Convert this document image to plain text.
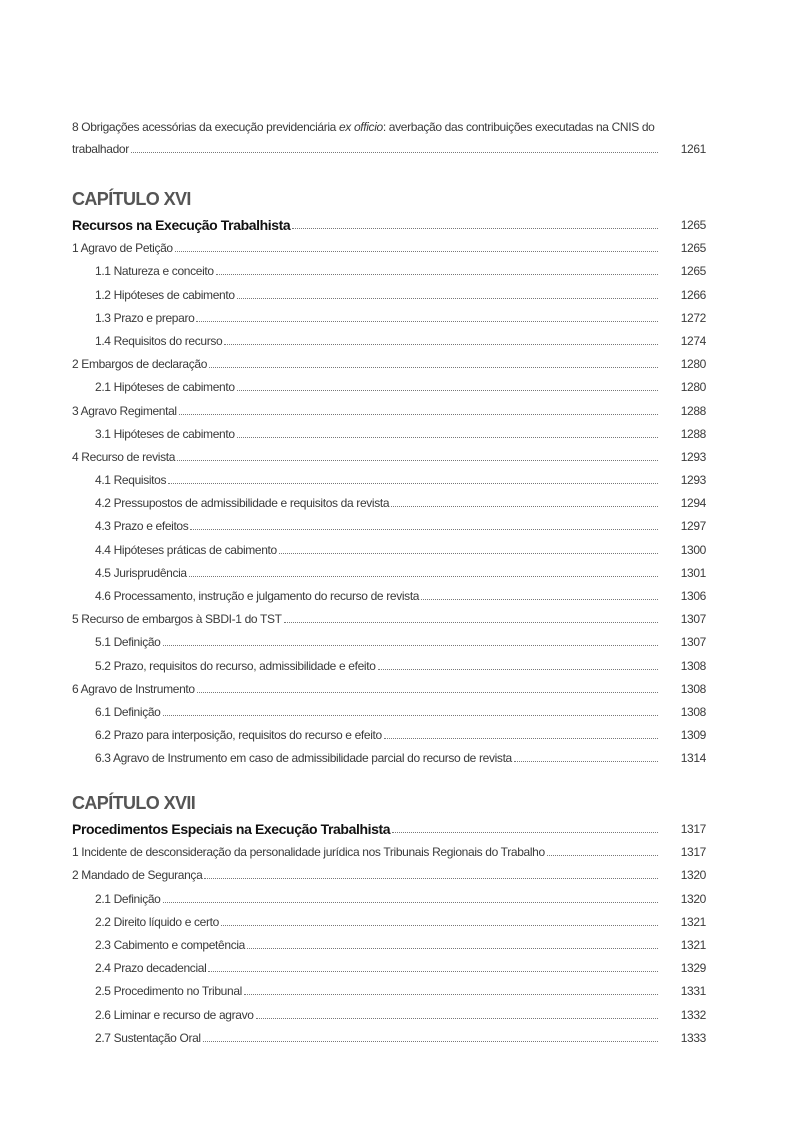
8 Obrigações acessórias da execução previdenciária ex officio: averbação das contribuições executadas na CNIS do
trabalhador	1261
CAPÍTULO XVI
Recursos na Execução Trabalhista	1265
1 Agravo de Petição	1265
1.1 Natureza e conceito	1265
1.2 Hipóteses de cabimento	1266
1.3 Prazo e preparo	1272
1.4 Requisitos do recurso	1274
2 Embargos de declaração	1280
2.1 Hipóteses de cabimento	1280
3 Agravo Regimental	1288
3.1 Hipóteses de cabimento	1288
4 Recurso de revista	1293
4.1 Requisitos	1293
4.2 Pressupostos de admissibilidade e requisitos da revista	1294
4.3 Prazo e efeitos	1297
4.4 Hipóteses práticas de cabimento	1300
4.5 Jurisprudência	1301
4.6 Processamento, instrução e julgamento do recurso de revista	1306
5 Recurso de embargos à SBDI-1 do TST	1307
5.1 Definição	1307
5.2 Prazo, requisitos do recurso, admissibilidade e efeito	1308
6 Agravo de Instrumento	1308
6.1 Definição	1308
6.2 Prazo para interposição, requisitos do recurso e efeito	1309
6.3 Agravo de Instrumento em caso de admissibilidade parcial do recurso de revista	1314
CAPÍTULO XVII
Procedimentos Especiais na Execução Trabalhista	1317
1 Incidente de desconsideração da personalidade jurídica nos Tribunais Regionais do Trabalho	1317
2 Mandado de Segurança	1320
2.1 Definição	1320
2.2 Direito líquido e certo	1321
2.3 Cabimento e competência	1321
2.4 Prazo decadencial	1329
2.5 Procedimento no Tribunal	1331
2.6 Liminar e recurso de agravo	1332
2.7 Sustentação Oral	1333
